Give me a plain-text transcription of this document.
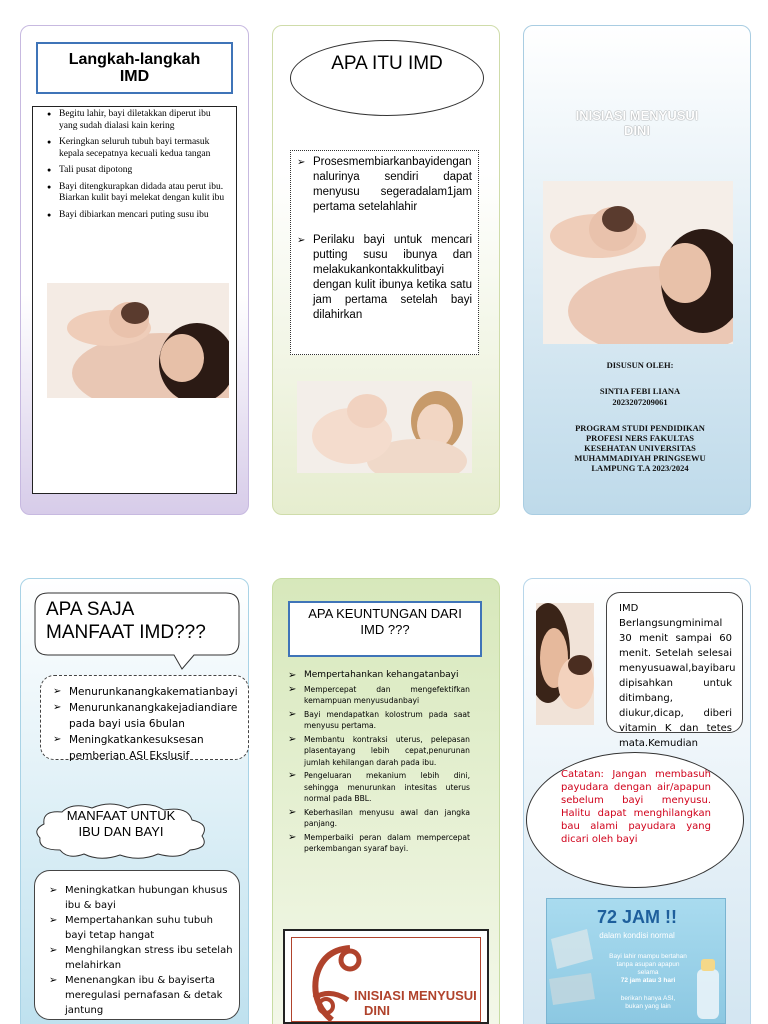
Langkah-langkah
IMD
● Begitu lahir, bayi diletakkan diperut ibu yang sudah dialasi kain kering
● Keringkan seluruh tubuh bayi termasuk kepala secepatnya kecuali kedua tangan
● Tali pusat dipotong
● Bayi ditengkurapkan didada atau perut ibu. Biarkan kulit bayi melekat dengan kulit ibu
● Bayi dibiarkan mencari puting susu ibu
APA ITU IMD
➢ Prosesmembiarkanbayidengan nalurinya sendiri dapat menyusu segeradalam1jam pertama setelahlahir
➢ Perilaku bayi untuk mencari putting susu ibunya dan melakukankontakkulitbayi dengan kulit ibunya ketika satu jam pertama setelah bayi dilahirkan
INISIASI MENYUSUI
DINI
DISUSUN OLEH:
SINTIA FEBI LIANA
2023207209061
PROGRAM STUDI PENDIDIKAN
PROFESI NERS FAKULTAS
KESEHATAN UNIVERSITAS
MUHAMMADIYAH PRINGSEWU
LAMPUNG T.A 2023/2024
APA SAJA
MANFAAT IMD???
➢ Menurunkanangkakematianbayi
➢ Menurunkanangkakejadiandiare pada bayi usia 6bulan
➢ Meningkatkankesuksesan pemberian ASI Ekslusif
MANFAAT UNTUK
IBU DAN BAYI
➢ Meningkatkan hubungan khusus ibu & bayi
➢ Mempertahankan suhu tubuh bayi tetap hangat
➢ Menghilangkan stress ibu setelah melahirkan
➢ Menenangkan ibu & bayiserta meregulasi pernafasan & detak jantung
APA KEUNTUNGAN DARI
IMD ???
➢ Mempertahankan kehangatanbayi
➢ Mempercepat dan mengefektifkan kemampuan menyusudanbayi
➢ Bayi mendapatkan kolostrum pada saat menyusu pertama.
➢ Membantu kontraksi uterus, pelepasan plasentayang lebih cepat,penurunan jumlah kehilangan darah pada ibu.
➢ Pengeluaran mekanium lebih dini, sehingga menurunkan intesitas uterus normal pada BBL.
➢ Keberhasilan menyusu awal dan jangka panjang.
➢ Memperbaiki peran dalam mempercepat perkembangan syaraf bayi.
INISIASI MENYUSUI
DINI
IMD Berlangsungminimal 30 menit sampai 60 menit. Setelah selesai menyusuawal,bayibaru dipisahkan untuk ditimbang, diukur,dicap, diberi vitamin K dan tetes mata.Kemudian
Catatan: Jangan membasuh payudara dengan air/apapun sebelum bayi menyusu. Halitu dapat menghilangkan bau alami payudara yang dicari oleh bayi
72 JAM !!
dalam kondisi normal
Bayi lahir mampu bertahan
tanpa asupan apapun
selama
72 jam atau 3 hari
berikan hanya ASI,
bukan yang lain
